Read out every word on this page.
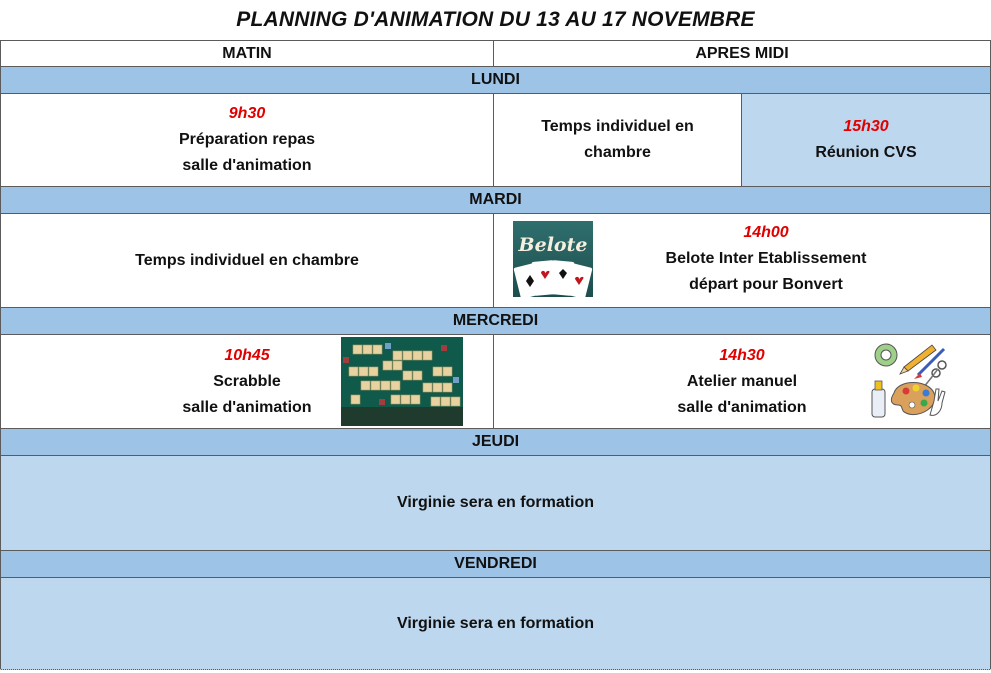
PLANNING D'ANIMATION DU 13 AU 17 NOVEMBRE
MATIN	APRES MIDI
LUNDI
9h30
Préparation repas
salle d'animation
Temps individuel en
chambre
15h30
Réunion CVS
MARDI
Temps individuel en chambre
14h00
Belote Inter Etablissement
départ pour Bonvert
Belote
MERCREDI
10h45
Scrabble
salle d'animation
14h30
Atelier manuel
salle d'animation
JEUDI
Virginie sera en formation
VENDREDI
Virginie sera en formation
